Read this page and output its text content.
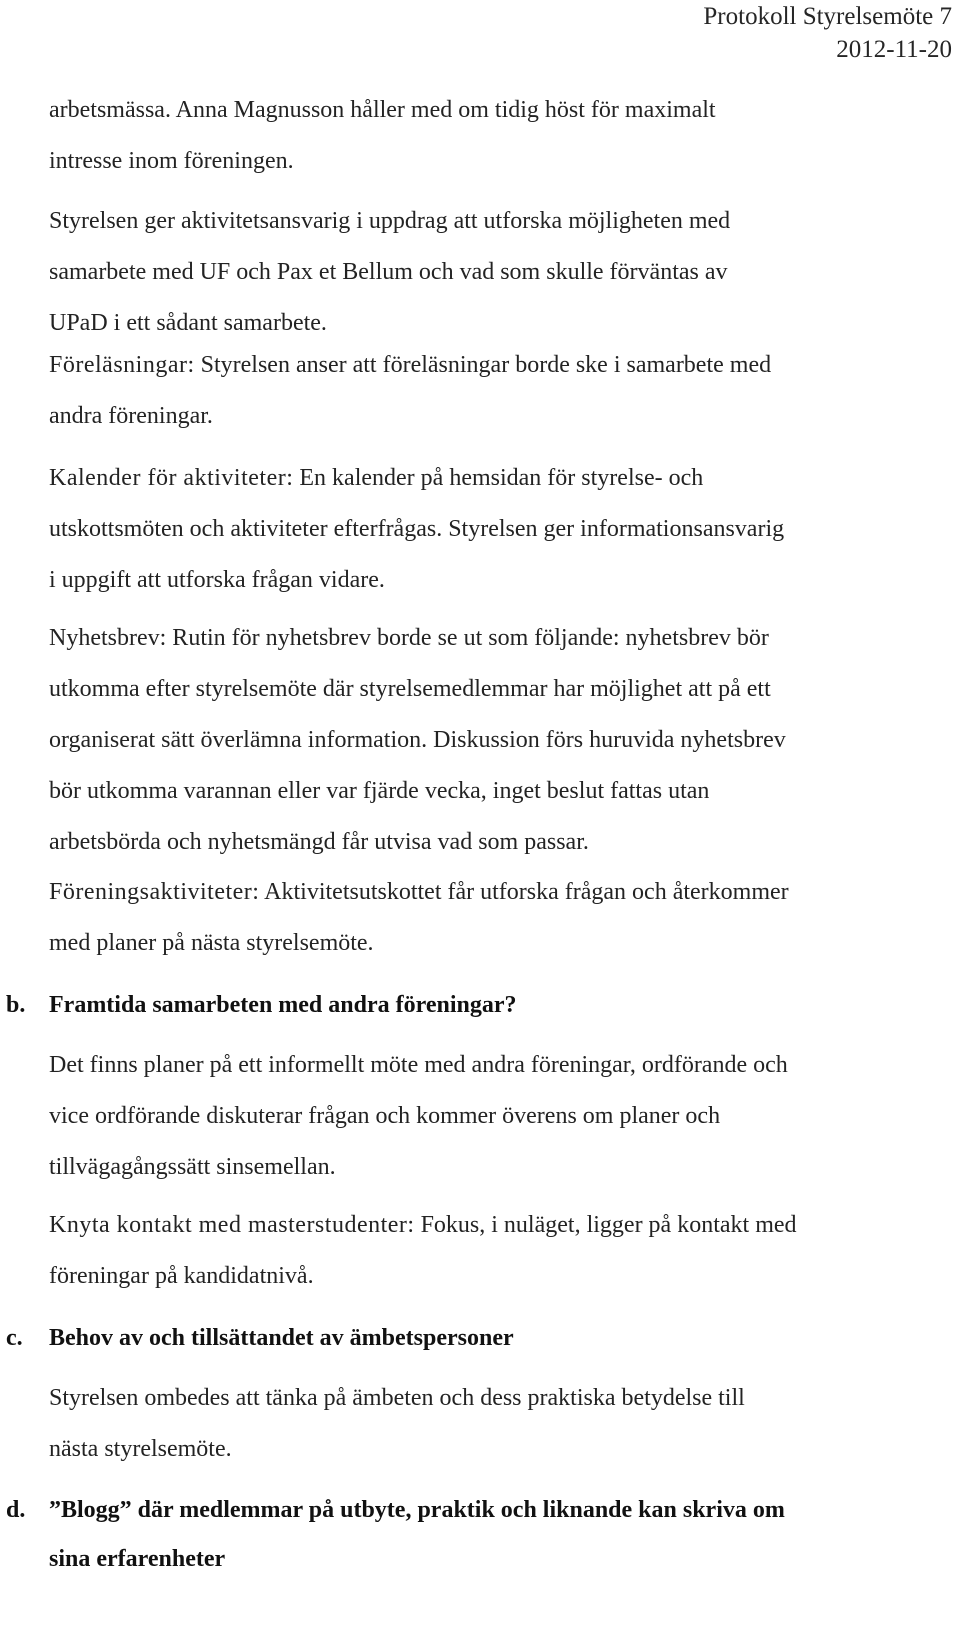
Protokoll Styrelsemöte 7
2012-11-20
arbetsmässa. Anna Magnusson håller med om tidig höst för maximalt
intresse inom föreningen.
Styrelsen ger aktivitetsansvarig i uppdrag att utforska möjligheten med
samarbete med UF och Pax et Bellum och vad som skulle förväntas av
UPaD i ett sådant samarbete.
Föreläsningar: Styrelsen anser att föreläsningar borde ske i samarbete med
andra föreningar.
Kalender för aktiviteter: En kalender på hemsidan för styrelse- och
utskottsmöten och aktiviteter efterfrågas. Styrelsen ger informationsansvarig
i uppgift att utforska frågan vidare.
Nyhetsbrev: Rutin för nyhetsbrev borde se ut som följande: nyhetsbrev bör
utkomma efter styrelsemöte där styrelsemedlemmar har möjlighet att på ett
organiserat sätt överlämna information. Diskussion förs huruvida nyhetsbrev
bör utkomma varannan eller var fjärde vecka, inget beslut fattas utan
arbetsbörda och nyhetsmängd får utvisa vad som passar.
Föreningsaktiviteter: Aktivitetsutskottet får utforska frågan och återkommer
med planer på nästa styrelsemöte.
b. Framtida samarbeten med andra föreningar?
Det finns planer på ett informellt möte med andra föreningar, ordförande och
vice ordförande diskuterar frågan och kommer överens om planer och
tillvägagångssätt sinsemellan.
Knyta kontakt med masterstudenter: Fokus, i nuläget, ligger på kontakt med
föreningar på kandidatnivå.
c. Behov av och tillsättandet av ämbetspersoner
Styrelsen ombedes att tänka på ämbeten och dess praktiska betydelse till
nästa styrelsemöte.
d. ”Blogg” där medlemmar på utbyte, praktik och liknande kan skriva om
sina erfarenheter
